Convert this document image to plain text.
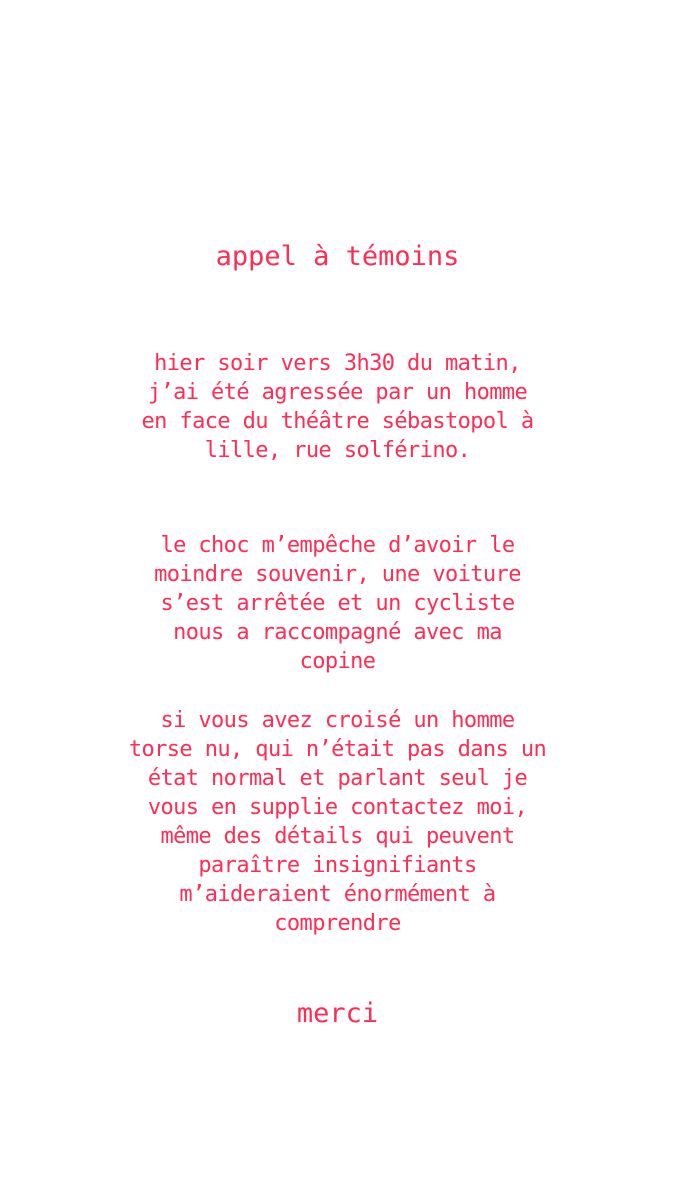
appel à témoins

hier soir vers 3h30 du matin,
j’ai été agressée par un homme
en face du théâtre sébastopol à
lille, rue solférino.

le choc m’empêche d’avoir le
moindre souvenir, une voiture
s’est arrêtée et un cycliste
nous a raccompagné avec ma
copine

si vous avez croisé un homme
torse nu, qui n’était pas dans un
état normal et parlant seul je
vous en supplie contactez moi,
même des détails qui peuvent
paraître insignifiants
m’aideraient énormément à
comprendre

merci
